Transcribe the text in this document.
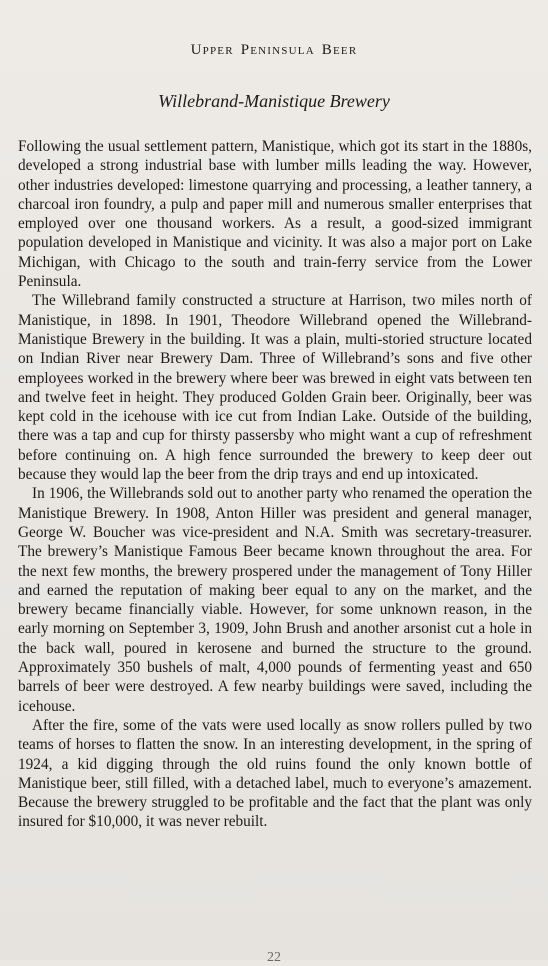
Upper Peninsula Beer
Willebrand-Manistique Brewery

Following the usual settlement pattern, Manistique, which got its start in the 1880s, developed a strong industrial base with lumber mills leading the way. However, other industries developed: limestone quarrying and processing, a leather tannery, a charcoal iron foundry, a pulp and paper mill and numerous smaller enterprises that employed over one thousand workers. As a result, a good-sized immigrant population developed in Manistique and vicinity. It was also a major port on Lake Michigan, with Chicago to the south and train-ferry service from the Lower Peninsula.

The Willebrand family constructed a structure at Harrison, two miles north of Manistique, in 1898. In 1901, Theodore Willebrand opened the Willebrand-Manistique Brewery in the building. It was a plain, multi-storied structure located on Indian River near Brewery Dam. Three of Willebrand’s sons and five other employees worked in the brewery where beer was brewed in eight vats between ten and twelve feet in height. They produced Golden Grain beer. Originally, beer was kept cold in the icehouse with ice cut from Indian Lake. Outside of the building, there was a tap and cup for thirsty passersby who might want a cup of refreshment before continuing on. A high fence surrounded the brewery to keep deer out because they would lap the beer from the drip trays and end up intoxicated.

In 1906, the Willebrands sold out to another party who renamed the operation the Manistique Brewery. In 1908, Anton Hiller was president and general manager, George W. Boucher was vice-president and N.A. Smith was secretary-treasurer. The brewery’s Manistique Famous Beer became known throughout the area. For the next few months, the brewery prospered under the management of Tony Hiller and earned the reputation of making beer equal to any on the market, and the brewery became financially viable. However, for some unknown reason, in the early morning on September 3, 1909, John Brush and another arsonist cut a hole in the back wall, poured in kerosene and burned the structure to the ground. Approximately 350 bushels of malt, 4,000 pounds of fermenting yeast and 650 barrels of beer were destroyed. A few nearby buildings were saved, including the icehouse.

After the fire, some of the vats were used locally as snow rollers pulled by two teams of horses to flatten the snow. In an interesting development, in the spring of 1924, a kid digging through the old ruins found the only known bottle of Manistique beer, still filled, with a detached label, much to everyone’s amazement. Because the brewery struggled to be profitable and the fact that the plant was only insured for $10,000, it was never rebuilt.

22
